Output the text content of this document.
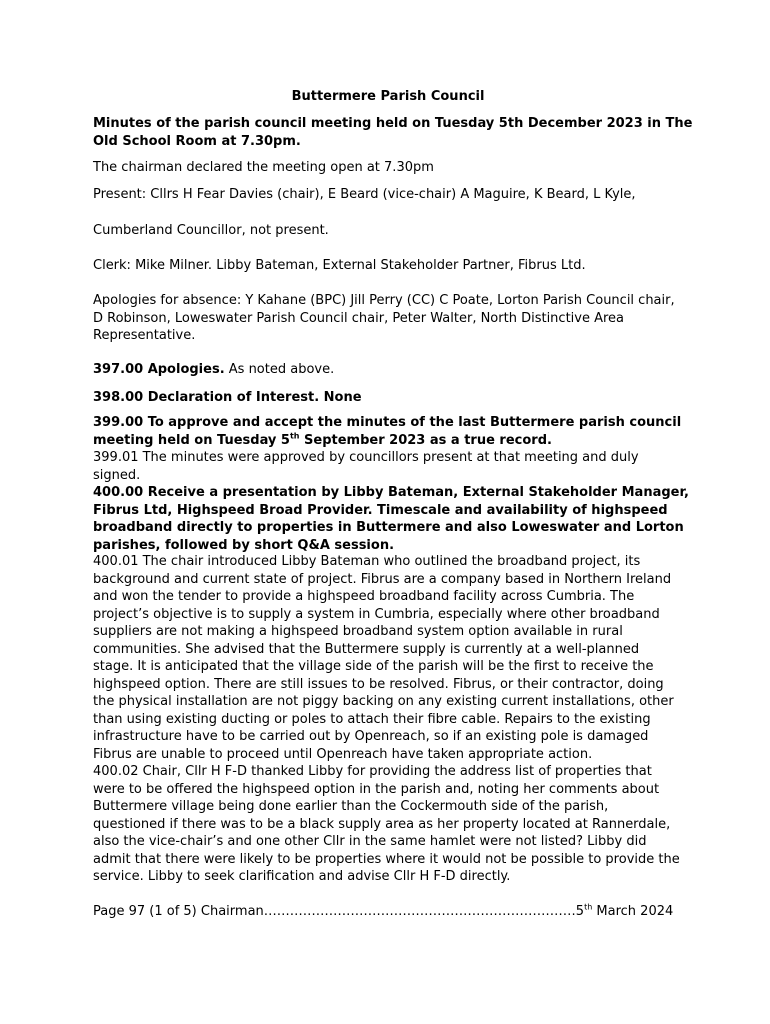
Buttermere Parish Council

Minutes of the parish council meeting held on Tuesday 5th December 2023 in The Old School Room at 7.30pm.

The chairman declared the meeting open at 7.30pm

Present: Cllrs H Fear Davies (chair), E Beard (vice-chair) A Maguire, K Beard, L Kyle,

Cumberland Councillor, not present.

Clerk: Mike Milner. Libby Bateman, External Stakeholder Partner, Fibrus Ltd.

Apologies for absence: Y Kahane (BPC) Jill Perry (CC) C Poate, Lorton Parish Council chair, D Robinson, Loweswater Parish Council chair, Peter Walter, North Distinctive Area Representative.

397.00 Apologies. As noted above.

398.00 Declaration of Interest. None

399.00 To approve and accept the minutes of the last Buttermere parish council meeting held on Tuesday 5th September 2023 as a true record.

399.01 The minutes were approved by councillors present at that meeting and duly signed.

400.00 Receive a presentation by Libby Bateman, External Stakeholder Manager, Fibrus Ltd, Highspeed Broad Provider. Timescale and availability of highspeed broadband directly to properties in Buttermere and also Loweswater and Lorton parishes, followed by short Q&A session.

400.01 The chair introduced Libby Bateman who outlined the broadband project, its background and current state of project. Fibrus are a company based in Northern Ireland and won the tender to provide a highspeed broadband facility across Cumbria. The project’s objective is to supply a system in Cumbria, especially where other broadband suppliers are not making a highspeed broadband system option available in rural communities. She advised that the Buttermere supply is currently at a well-planned stage. It is anticipated that the village side of the parish will be the first to receive the highspeed option. There are still issues to be resolved. Fibrus, or their contractor, doing the physical installation are not piggy backing on any existing current installations, other than using existing ducting or poles to attach their fibre cable. Repairs to the existing infrastructure have to be carried out by Openreach, so if an existing pole is damaged Fibrus are unable to proceed until Openreach have taken appropriate action.

400.02 Chair, Cllr H F-D thanked Libby for providing the address list of properties that were to be offered the highspeed option in the parish and, noting her comments about Buttermere village being done earlier than the Cockermouth side of the parish, questioned if there was to be a black supply area as her property located at Rannerdale, also the vice-chair’s and one other Cllr in the same hamlet were not listed? Libby did admit that there were likely to be properties where it would not be possible to provide the service. Libby to seek clarification and advise Cllr H F-D directly.

Page 97 (1 of 5) Chairman………………………………………………………………5th March 2024
